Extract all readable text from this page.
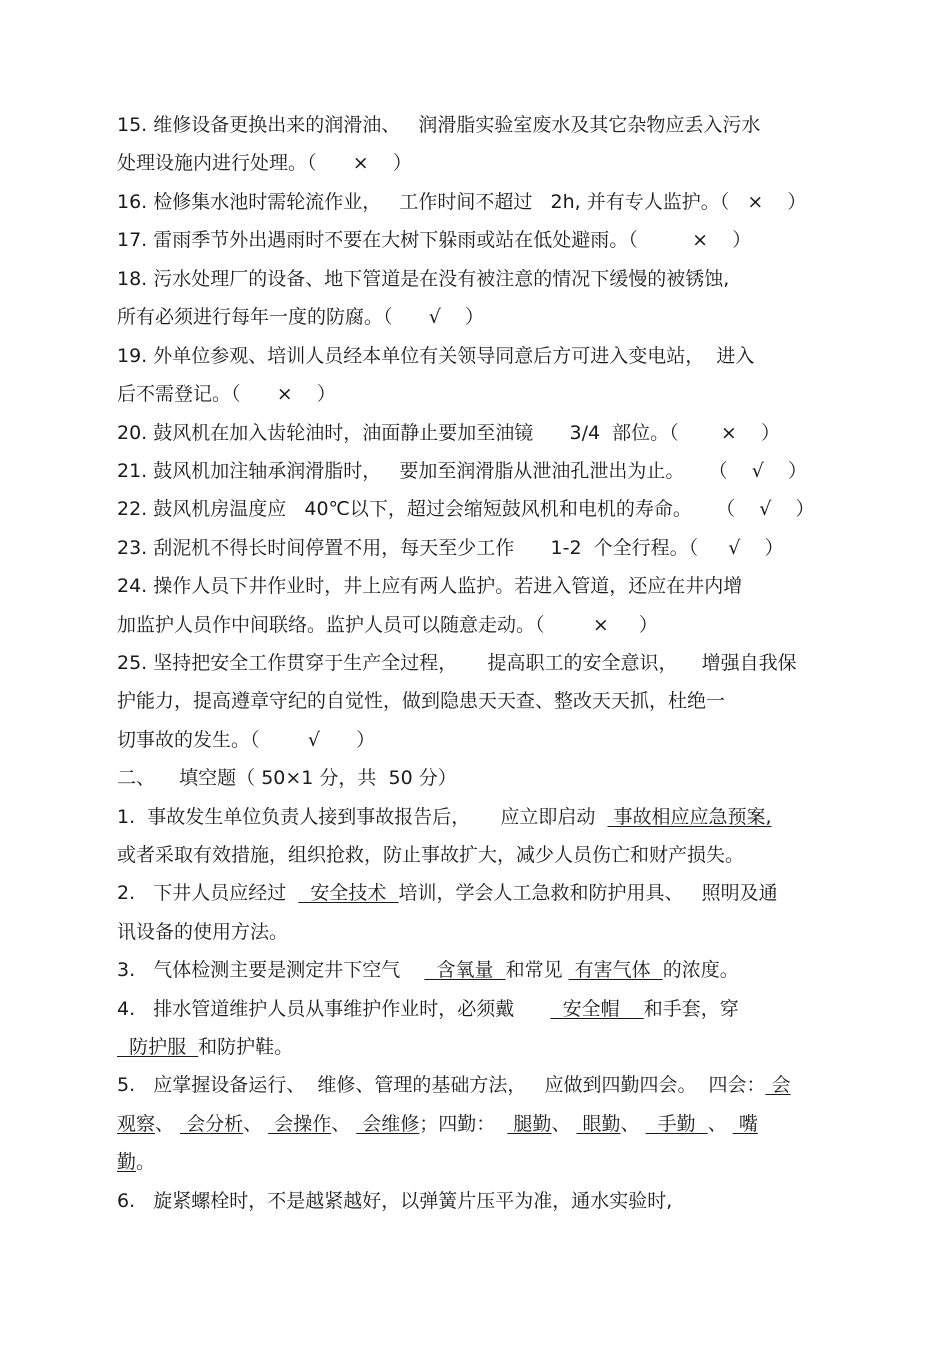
15. 维修设备更换出来的润滑油、   润滑脂实验室废水及其它杂物应丢入污水
处理设施内进行处理。（      ×    ）
16. 检修集水池时需轮流作业，   工作时间不超过   2h, 并有专人监护。（   ×    ）
17. 雷雨季节外出遇雨时不要在大树下躲雨或站在低处避雨。（         ×    ）
18. 污水处理厂的设备、地下管道是在没有被注意的情况下缓慢的被锈蚀,
所有必须进行每年一度的防腐。（      √    ）
19. 外单位参观、培训人员经本单位有关领导同意后方可进入变电站，  进入
后不需登记。（      ×    ）
20. 鼓风机在加入齿轮油时，油面静止要加至油镜      3/4  部位。（       ×    ）
21. 鼓风机加注轴承润滑脂时，   要加至润滑脂从泄油孔泄出为止。    （    √    ）
22. 鼓风机房温度应   40℃以下，超过会缩短鼓风机和电机的寿命。    （    √    ）
23. 刮泥机不得长时间停置不用，每天至少工作      1-2  个全行程。（     √    ）
24. 操作人员下井作业时，井上应有两人监护。若进入管道，还应在井内增
加监护人员作中间联络。监护人员可以随意走动。（        ×     ）
25. 坚持把安全工作贯穿于生产全过程，     提高职工的安全意识，    增强自我保
护能力，提高遵章守纪的自觉性，做到隐患天天查、整改天天抓，杜绝一
切事故的发生。（        √      ）
二、    填空题（ 50×1 分，共  50 分）
1.  事故发生单位负责人接到事故报告后，     应立即启动   事故相应应急预案,
或者采取有效措施，组织抢救，防止事故扩大，减少人员伤亡和财产损失。
2.   下井人员应经过    安全技术  培训，学会人工急救和防护用具、   照明及通
讯设备的使用方法。
3.   气体检测主要是测定井下空气      含氧量  和常见  有害气体  的浓度。
4.   排水管道维护人员从事维护作业时，必须戴        安全帽    和手套，穿
防护服  和防护鞋。
5.   应掌握设备运行、  维修、管理的基础方法，   应做到四勤四会。  四会： 会
观察、  会分析、  会操作、  会维修；四勤：   腿勤、  眼勤、   手勤  、  嘴
勤。
6.   旋紧螺栓时，不是越紧越好，以弹簧片压平为准，通水实验时,
